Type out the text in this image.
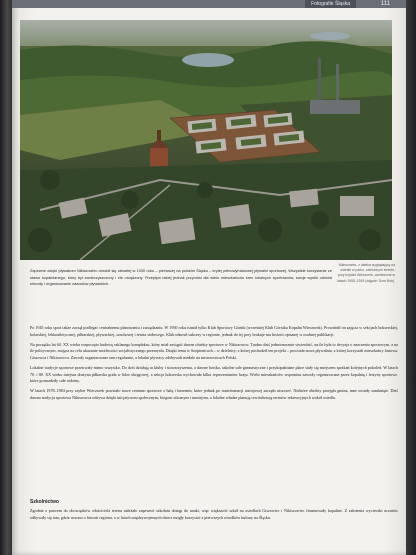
Fotografie Śląska	111
Nikiszowiec, z daleka wyglądający na osiedle w parku, zalesionym terenie, przy kopalni Wieczorek, wzniesione w latach 1908–1919 (zdjęcie: Dom Bob).
Zapewne dzięki pływakom Nikiszowiec dorobił się otwartej w 1930 roku – pierwszej na polskim Śląsku – krytej pełnowymiarowej pływalni sportowej. Wszystkie korzystanie ze stawu kopalnianego, który był zanieczyszczony i źle urządzony. Przepływ takiej jednak przyniósł dla wielu mieszkańców kres lokalnych sportowców, swoje wyniki odniósł rekordy i organizowanie zawodów pływackich.

Po 1945 roku sport także zaczął podlegać centralnemu planowaniu i zarządzaniu. W 1950 roku istniał tylko Klub Sportowy Górnik (wcześniej Klub Górnika Kopalni Wieczorek). Prowadził on zajęcia w sekcjach bokserskiej, kolarskiej, lekkoatletycznej, piłkarskiej, pływackiej, szachowej i tenisa stołowego. Klub odnosił sukcesy w regionie, jednak do tej pory brakuje mu historii opisanej w osobnej publikacji.

Na początku lat 60. XX wieku rozpoczęto budowę szklanego kompleksu, który miał zastąpić dawne obiekty sportowe w Nikiszowcu. Trudno dziś jednoznacznie stwierdzić, na ile była to decyzja o znaczeniu sportowym, a na ile politycznym, mająca na celu ukazanie możliwości socjalistycznego przemysłu. Dzięki temu w Szopienicach – w dzielnicy, z której pochodził ten projekt – powstała nowa pływalnia, z której korzystali mieszkańcy Janowa, Giszowca i Nikiszowca. Zawody organizowano tam regularnie, a lokalni pływacy zdobywali medale na mistrzostwach Polski.

Lokalne tradycje sportowe przetrwały mimo wszystko. Do dziś działają tu kluby i stowarzyszenia, a dawne boiska, szkolne sale gimnastyczne i przykopalniane place stały się miejscem spotkań kolejnych pokoleń. W latach 70. i 80. XX wieku tutejsza drużyna piłkarska grała w lidze okręgowej, a sekcja bokserska wychowała kilku reprezentantów kraju. Wielu mieszkańców wspomina zawody organizowane przez kopalnię i festyny sportowe, które gromadziły całe rodziny.

W latach 1978–1984 przy szybie Wieczorek powstało nowe centrum sportowe z halą i basenem, które jednak po transformacji ustrojowej zaczęło niszczeć. Niektóre obiekty przejęła gmina, inne zostały zamknięte. Dziś dawna tradycja sportowa Nikiszowca odżywa dzięki inicjatywom społecznym, biegom ulicznym i turniejom, a lokalne władze planują rewitalizację terenów rekreacyjnych wokół osiedla.

Szkolnictwo
Zgodnie z prawem do obowiązków właściciela terenu należało zapewnić szkołom dostęp do nauki, więc większość szkół na osiedlach Giszowiec i Nikiszowiec finansowały kopalnie. Z założenia wycieczki uczniów odbywały się tam, gdzie uczono o historii regionu, a w latach międzywojennych dzieci mogły korzystać z pierwszych ośrodków kultury na Śląsku.
